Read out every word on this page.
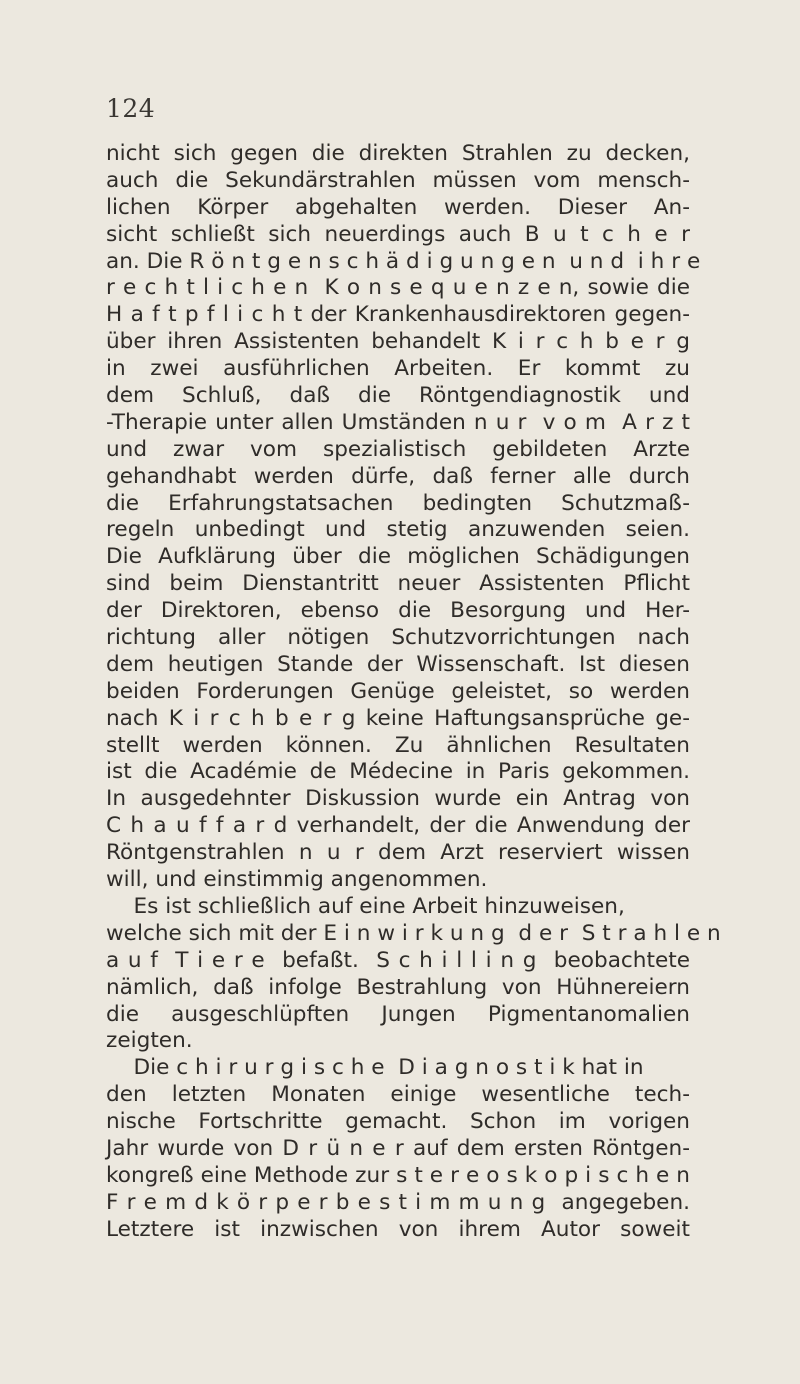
124
nicht sich gegen die direkten Strahlen zu decken,
auch die Sekundärstrahlen müssen vom mensch-
lichen Körper abgehalten werden. Dieser An-
sicht schließt sich neuerdings auch B u t c h e r
an. Die R ö n t g e n s c h ä d i g u n g e n  u n d  i h r e
r e c h t l i c h e n  K o n s e q u e n z e n, sowie die
H a f t p f l i c h t der Krankenhausdirektoren gegen-
über ihren Assistenten behandelt K i r c h b e r g
in zwei ausführlichen Arbeiten. Er kommt zu
dem Schluß, daß die Röntgendiagnostik und
-Therapie unter allen Umständen n u r  v o m  A r z t
und zwar vom spezialistisch gebildeten Arzte
gehandhabt werden dürfe, daß ferner alle durch
die Erfahrungstatsachen bedingten Schutzmaß-
regeln unbedingt und stetig anzuwenden seien.
Die Aufklärung über die möglichen Schädigungen
sind beim Dienstantritt neuer Assistenten Pflicht
der Direktoren, ebenso die Besorgung und Her-
richtung aller nötigen Schutzvorrichtungen nach
dem heutigen Stande der Wissenschaft. Ist diesen
beiden Forderungen Genüge geleistet, so werden
nach K i r c h b e r g keine Haftungsansprüche ge-
stellt werden können. Zu ähnlichen Resultaten
ist die Académie de Médecine in Paris gekommen.
In ausgedehnter Diskussion wurde ein Antrag von
C h a u f f a r d verhandelt, der die Anwendung der
Röntgenstrahlen n u r dem Arzt reserviert wissen
will, und einstimmig angenommen.
Es ist schließlich auf eine Arbeit hinzuweisen,
welche sich mit der E i n w i r k u n g  d e r  S t r a h l e n
a u f  T i e r e  befaßt.  S c h i l l i n g  beobachtete
nämlich, daß infolge Bestrahlung von Hühnereiern
die ausgeschlüpften Jungen Pigmentanomalien
zeigten.
Die c h i r u r g i s c h e  D i a g n o s t i k hat in
den letzten Monaten einige wesentliche tech-
nische Fortschritte gemacht. Schon im vorigen
Jahr wurde von D r ü n e r auf dem ersten Röntgen-
kongreß eine Methode zur s t e r e o s k o p i s c h e n
F r e m d k ö r p e r b e s t i m m u n g  angegeben.
Letztere ist inzwischen von ihrem Autor soweit
